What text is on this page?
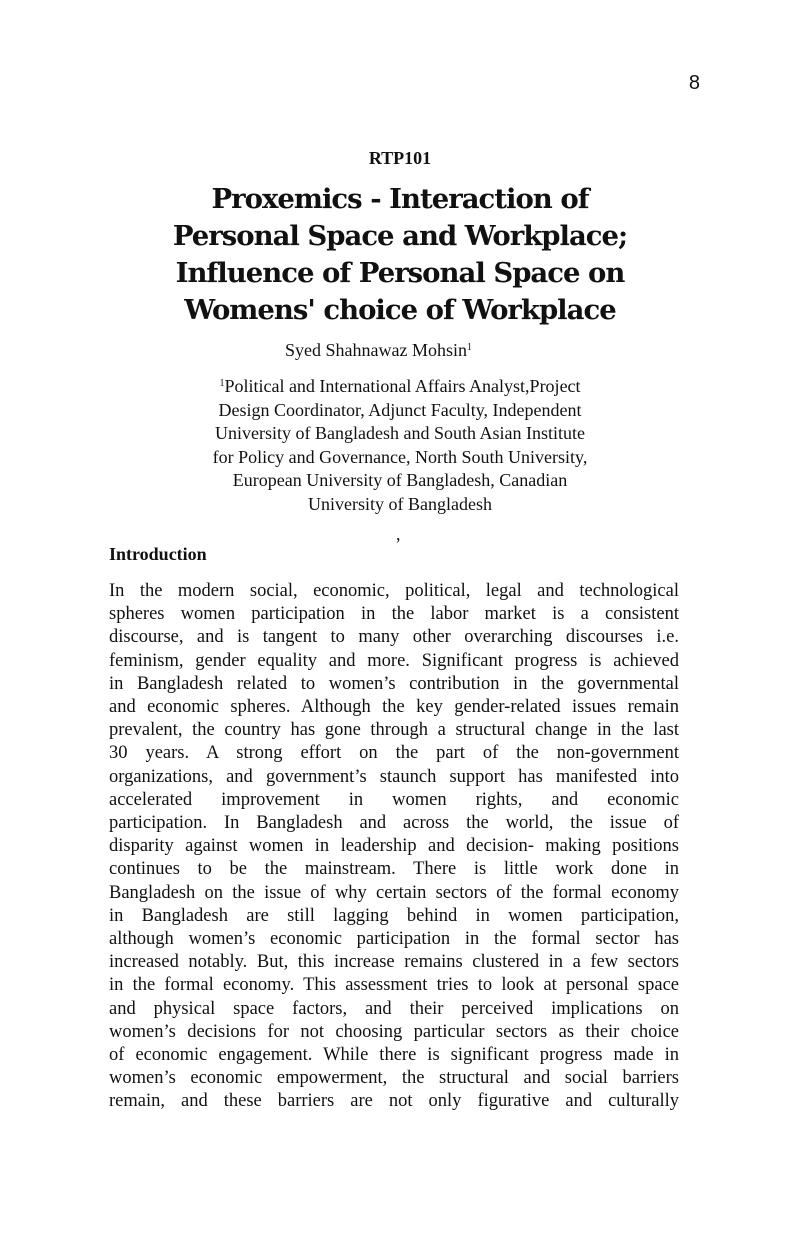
8
RTP101
Proxemics - Interaction of
Personal Space and Workplace;
Influence of Personal Space on
Womens' choice of Workplace
Syed Shahnawaz Mohsin$^1$
$^1$Political and International Affairs Analyst,Project
Design Coordinator, Adjunct Faculty, Independent
University of Bangladesh and South Asian Institute
for Policy and Governance, North South University,
European University of Bangladesh, Canadian
University of Bangladesh
,
Introduction
In the modern social, economic, political, legal and technological
spheres women participation in the labor market is a consistent
discourse, and is tangent to many other overarching discourses i.e.
feminism, gender equality and more. Significant progress is achieved
in Bangladesh related to women’s contribution in the governmental
and economic spheres. Although the key gender-related issues remain
prevalent, the country has gone through a structural change in the last
30 years. A strong effort on the part of the non-government
organizations, and government’s staunch support has manifested into
accelerated improvement in women rights, and economic
participation. In Bangladesh and across the world, the issue of
disparity against women in leadership and decision- making positions
continues to be the mainstream. There is little work done in
Bangladesh on the issue of why certain sectors of the formal economy
in Bangladesh are still lagging behind in women participation,
although women’s economic participation in the formal sector has
increased notably. But, this increase remains clustered in a few sectors
in the formal economy. This assessment tries to look at personal space
and physical space factors, and their perceived implications on
women’s decisions for not choosing particular sectors as their choice
of economic engagement. While there is significant progress made in
women’s economic empowerment, the structural and social barriers
remain, and these barriers are not only figurative and culturally
